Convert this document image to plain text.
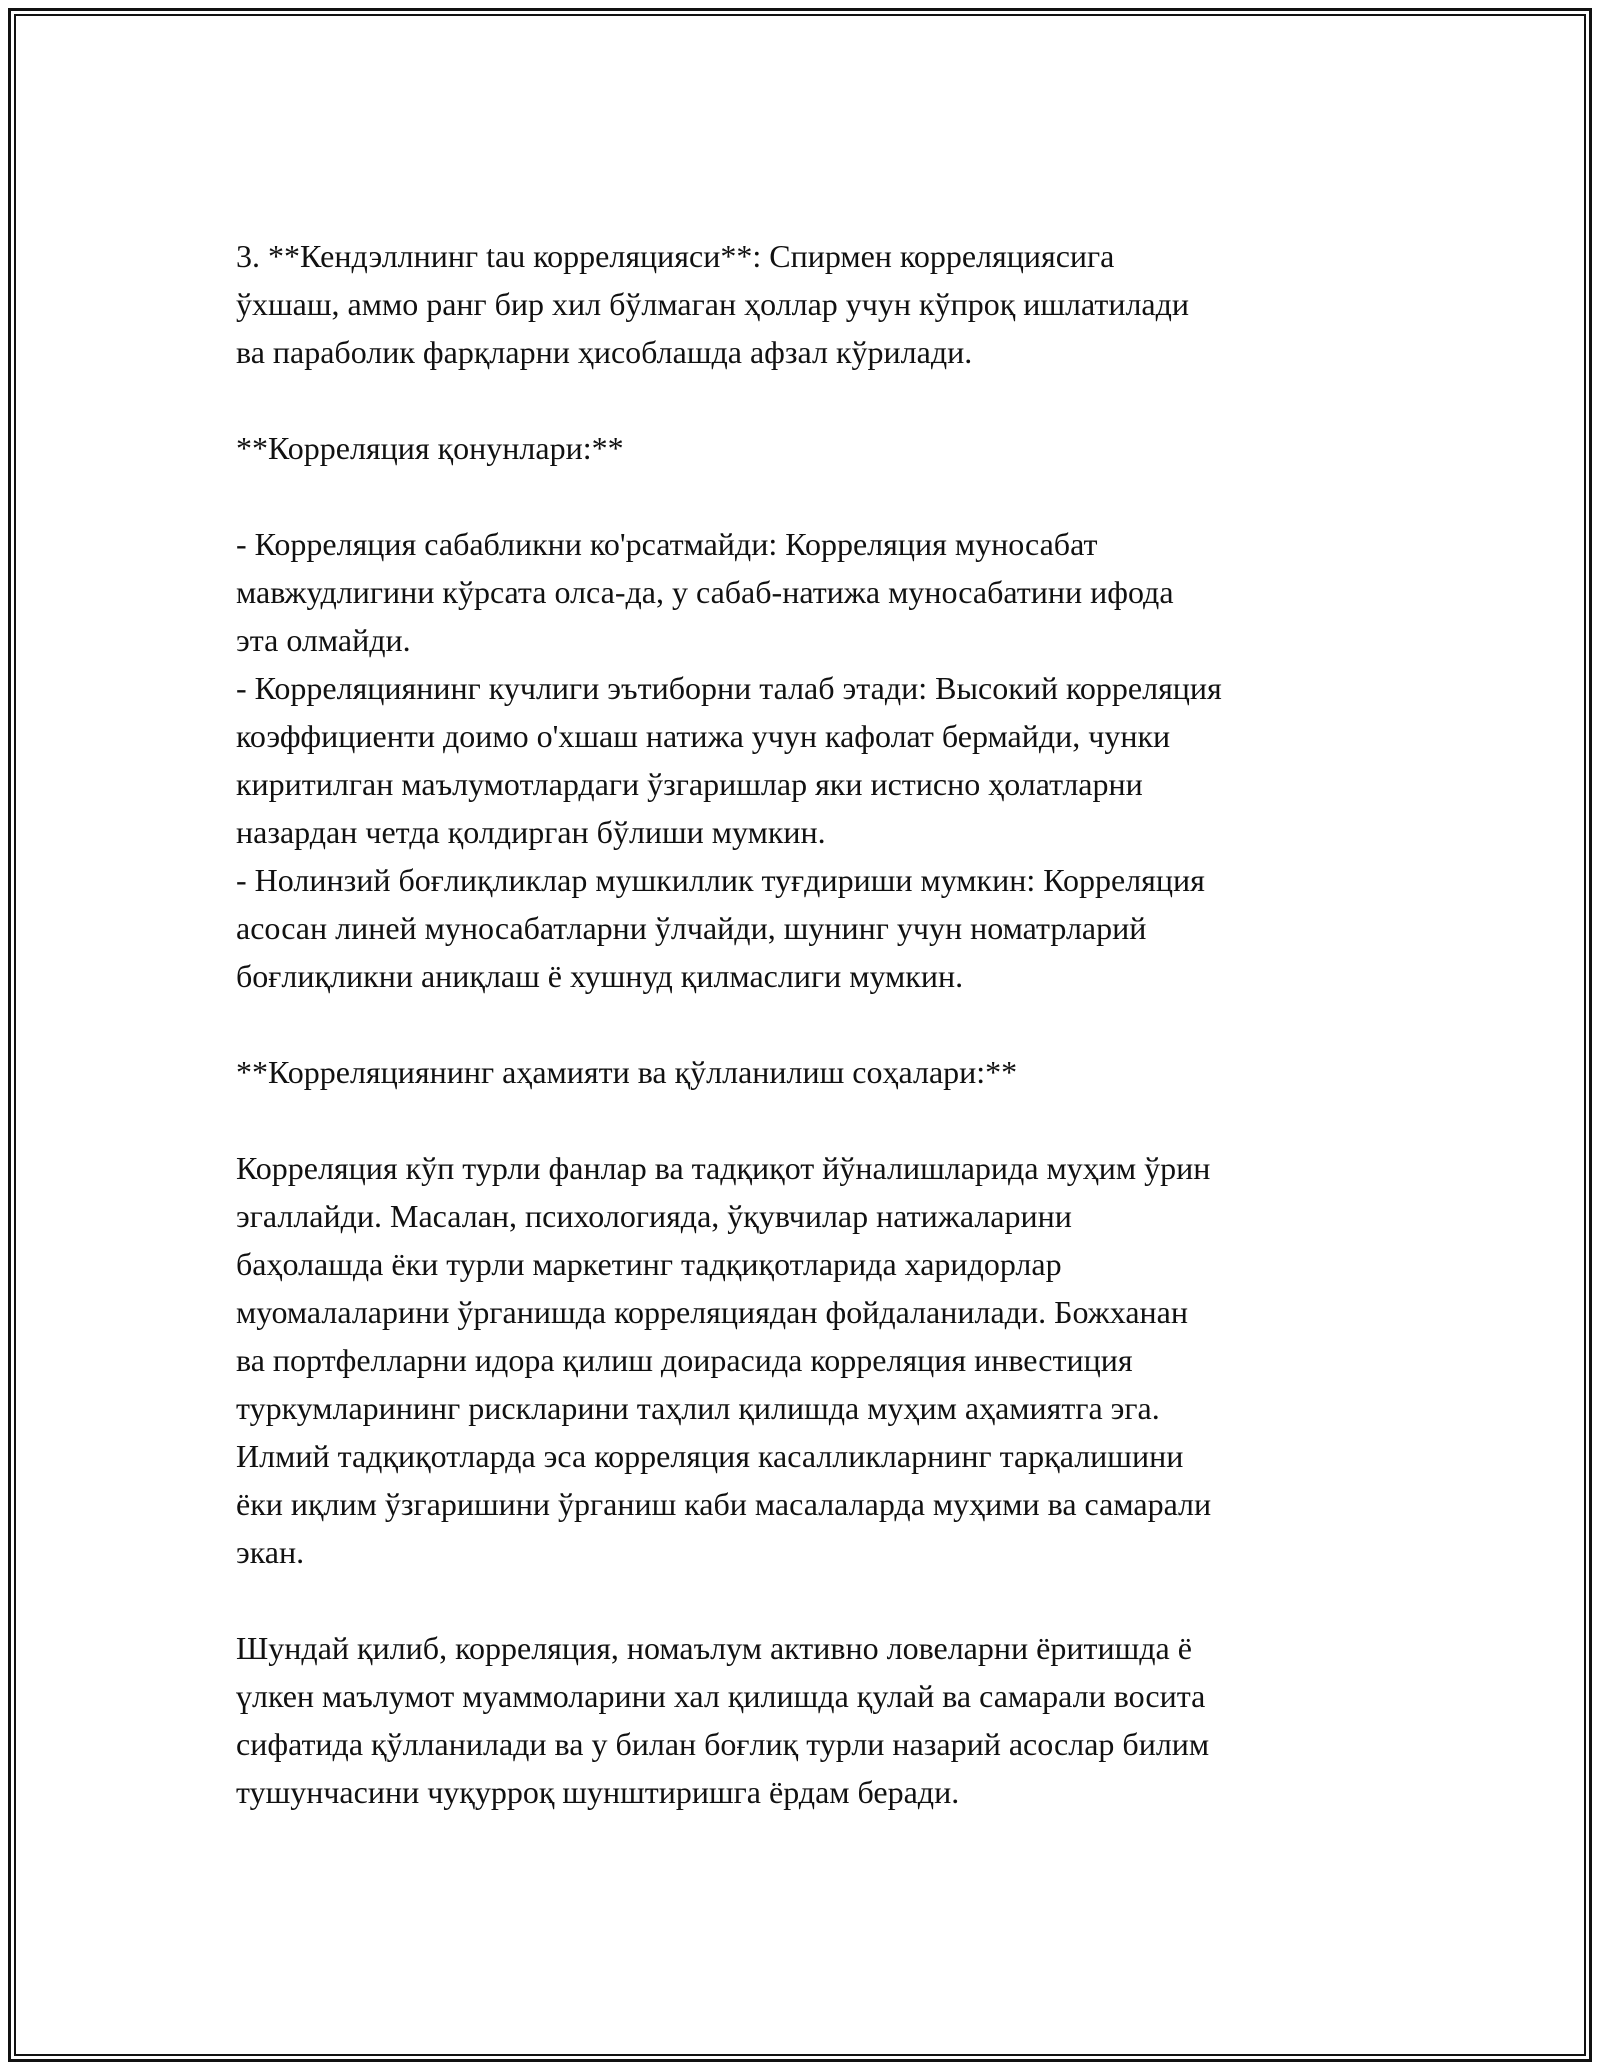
3. **Кендэллнинг tau корреляцияси**: Спирмен корреляциясига
ўхшаш, аммо ранг бир хил бўлмаган ҳоллар учун кўпроқ ишлатилади
ва параболик фарқларни ҳисоблашда афзал кўрилади.

**Корреляция қонунлари:**

- Корреляция сабабликни ко'рсатмайди: Корреляция муносабат
мавжудлигини кўрсата олса-да, у сабаб-натижа муносабатини ифода
эта олмайди.
- Корреляциянинг кучлиги эътиборни талаб этади: Высокий корреляция
коэффициенти доимо о'хшаш натижа учун кафолат бермайди, чунки
киритилган маълумотлардаги ўзгаришлар яки истисно ҳолатларни
назардан четда қолдирган бўлиши мумкин.
- Нолинзий боғлиқликлар мушкиллик туғдириши мумкин: Корреляция
асосан линей муносабатларни ўлчайди, шунинг учун номатрларий
боғлиқликни аниқлаш ё хушнуд қилмаслиги мумкин.

**Корреляциянинг аҳамияти ва қўлланилиш соҳалари:**

Корреляция кўп турли фанлар ва тадқиқот йўналишларида муҳим ўрин
эгаллайди. Масалан, психологияда, ўқувчилар натижаларини
баҳолашда ёки турли маркетинг тадқиқотларида харидорлар
муомалаларини ўрганишда корреляциядан фойдаланилади. Божханан
ва портфелларни идора қилиш доирасида корреляция инвестиция
туркумларининг рискларини таҳлил қилишда муҳим аҳамиятга эга.
Илмий тадқиқотларда эса корреляция касалликларнинг тарқалишини
ёки иқлим ўзгаришини ўрганиш каби масалаларда муҳими ва самарали
экан.

Шундай қилиб, корреляция, номаълум активно ловеларни ёритишда ё
үлкен маълумот муаммоларини хал қилишда қулай ва самарали восита
сифатида қўлланилади ва у билан боғлиқ турли назарий асослар билим
тушунчасини чуқурроқ шунштиришга ёрдам беради.
